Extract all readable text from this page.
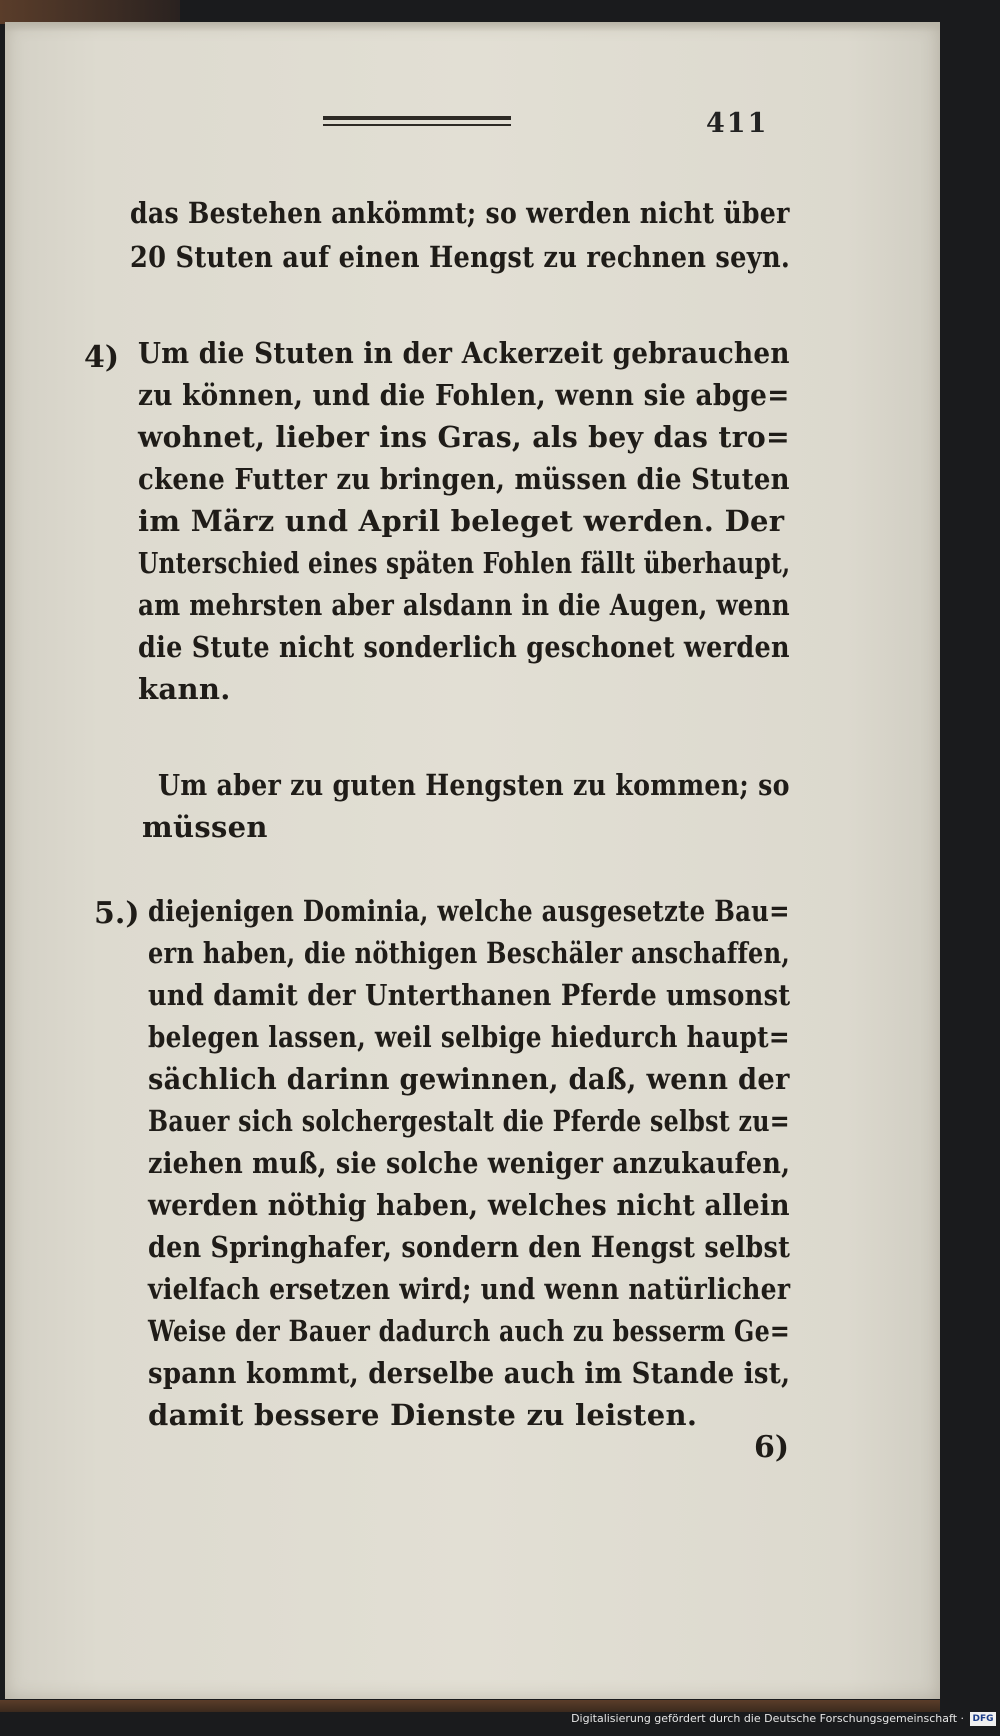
411
das Bestehen ankömmt; so werden nicht über
20 Stuten auf einen Hengst zu rechnen seyn.
4) Um die Stuten in der Ackerzeit gebrauchen
zu können, und die Fohlen, wenn sie abge=
wohnet, lieber ins Gras, als bey das tro=
ckene Futter zu bringen, müssen die Stuten
im März und April beleget werden. Der
Unterschied eines späten Fohlen fällt überhaupt,
am mehrsten aber alsdann in die Augen, wenn
die Stute nicht sonderlich geschonet werden
kann.
Um aber zu guten Hengsten zu kommen; so
müssen
5.) diejenigen Dominia, welche ausgesetzte Bau=
ern haben, die nöthigen Beschäler anschaffen,
und damit der Unterthanen Pferde umsonst
belegen lassen, weil selbige hiedurch haupt=
sächlich darinn gewinnen, daß, wenn der
Bauer sich solchergestalt die Pferde selbst zu=
ziehen muß, sie solche weniger anzukaufen,
werden nöthig haben, welches nicht allein
den Springhafer, sondern den Hengst selbst
vielfach ersetzen wird; und wenn natürlicher
Weise der Bauer dadurch auch zu besserm Ge=
spann kommt, derselbe auch im Stande ist,
damit bessere Dienste zu leisten.
6)
Digitalisierung gefördert durch die Deutsche Forschungsgemeinschaft · DFG
